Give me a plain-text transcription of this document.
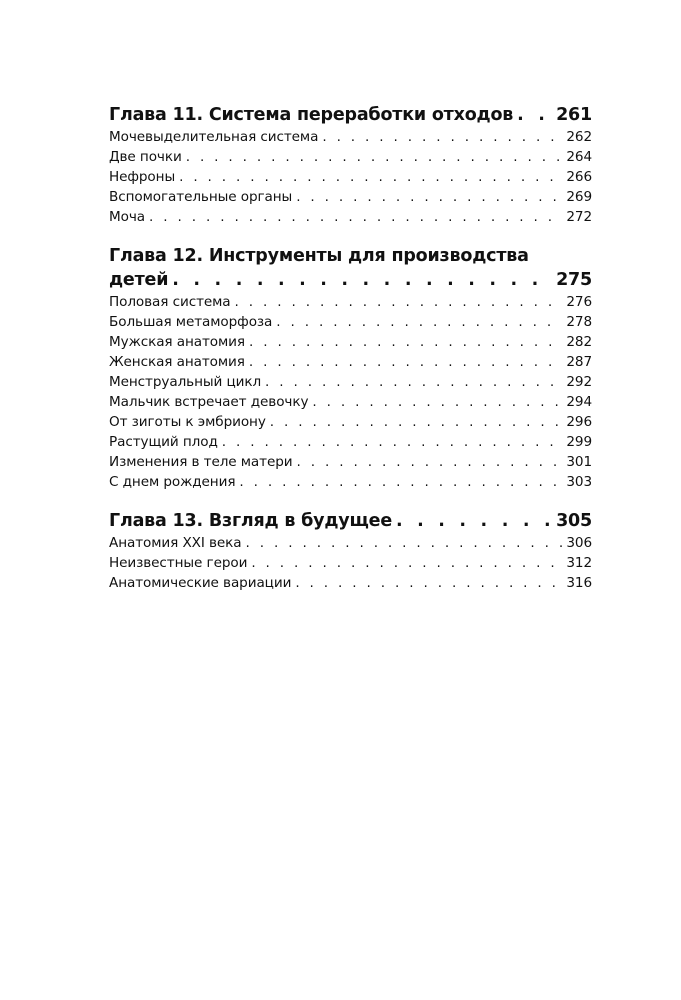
Глава 11. Система переработки отходов . . . 261
Мочевыделительная система . . .	262
Две почки . . .	264
Нефроны . . .	266
Вспомогательные органы . . .	269
Моча . . .	272
Глава 12. Инструменты для производства
детей . . .	275
Половая система . . .	276
Большая метаморфоза . . .	278
Мужская анатомия . . .	282
Женская анатомия . . .	287
Менструальный цикл . . .	292
Мальчик встречает девочку . . .	294
От зиготы к эмбриону . . .	296
Растущий плод . . .	299
Изменения в теле матери . . .	301
С днем рождения . . .	303
Глава 13. Взгляд в будущее . . .	305
Анатомия XXI века . . .	306
Неизвестные герои . . .	312
Анатомические вариации . . .	316
